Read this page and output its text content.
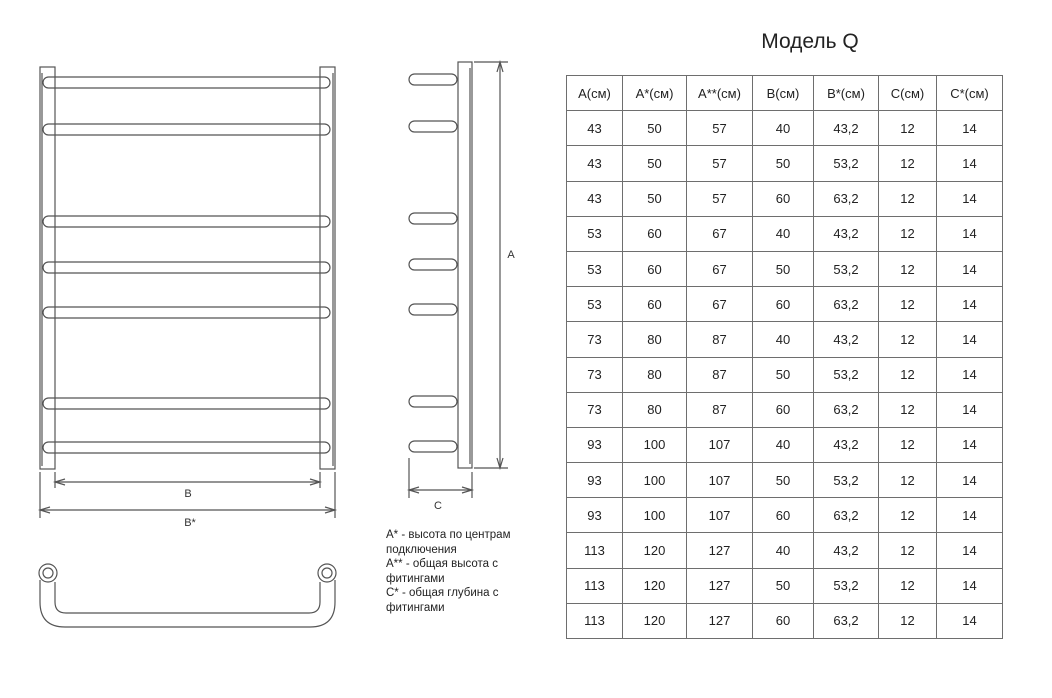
Модель Q
B
B*
A
C
А* - высота по центрам
подключения
А** - общая высота с
фитингами
С* - общая глубина с
фитингами
А(см)	А*(см)	А**(см)	В(см)	В*(см)	С(см)	С*(см)
43	50	57	40	43,2	12	14
43	50	57	50	53,2	12	14
43	50	57	60	63,2	12	14
53	60	67	40	43,2	12	14
53	60	67	50	53,2	12	14
53	60	67	60	63,2	12	14
73	80	87	40	43,2	12	14
73	80	87	50	53,2	12	14
73	80	87	60	63,2	12	14
93	100	107	40	43,2	12	14
93	100	107	50	53,2	12	14
93	100	107	60	63,2	12	14
113	120	127	40	43,2	12	14
113	120	127	50	53,2	12	14
113	120	127	60	63,2	12	14
